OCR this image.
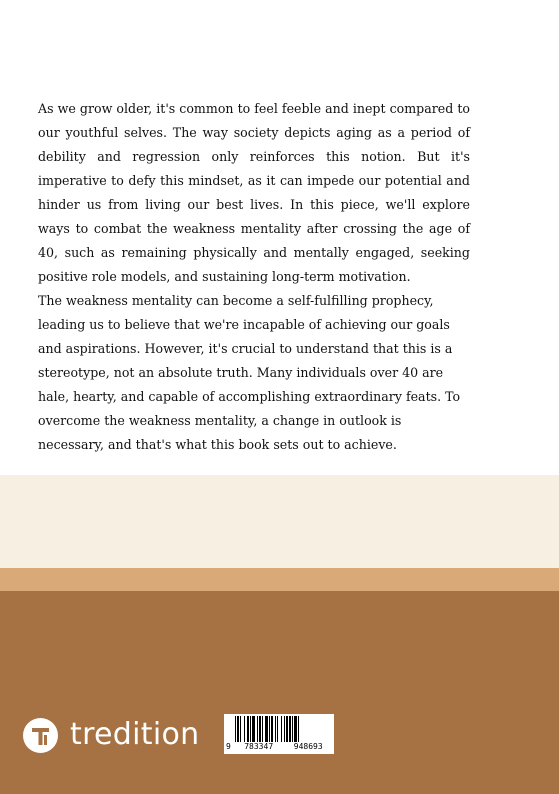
As we grow older, it's common to feel feeble and inept compared to our youthful selves. The way society depicts aging as a period of debility and regression only reinforces this notion. But it's imperative to defy this mindset, as it can impede our potential and hinder us from living our best lives. In this piece, we'll explore ways to combat the weakness mentality after crossing the age of 40, such as remaining physically and mentally engaged, seeking positive role models, and sustaining long-term motivation.

The weakness mentality can become a self-fulfilling prophecy, leading us to believe that we're incapable of achieving our goals and aspirations. However, it's crucial to understand that this is a stereotype, not an absolute truth. Many individuals over 40 are hale, hearty, and capable of accomplishing extraordinary feats. To overcome the weakness mentality, a change in outlook is necessary, and that's what this book sets out to achieve.

tredition	9	783347	948693
